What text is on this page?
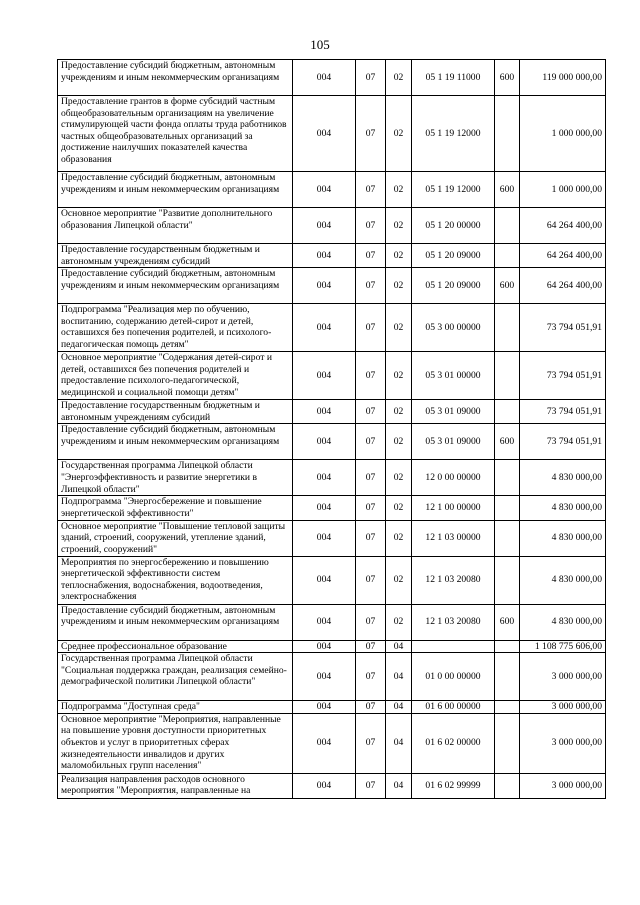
105
Предоставление субсидий бюджетным, автономным учреждениям и иным некоммерческим организациям	004	07	02	05 1 19 11000	600	119 000 000,00
Предоставление грантов в форме субсидий частным общеобразовательным организациям на увеличение стимулирующей части фонда оплаты труда работников частных общеобразовательных организаций за достижение наилучших показателей качества образования	004	07	02	05 1 19 12000		1 000 000,00
Предоставление субсидий бюджетным, автономным учреждениям и иным некоммерческим организациям	004	07	02	05 1 19 12000	600	1 000 000,00
Основное мероприятие "Развитие дополнительного образования Липецкой области"	004	07	02	05 1 20 00000		64 264 400,00
Предоставление государственным бюджетным и автономным учреждениям субсидий	004	07	02	05 1 20 09000		64 264 400,00
Предоставление субсидий бюджетным, автономным учреждениям и иным некоммерческим организациям	004	07	02	05 1 20 09000	600	64 264 400,00
Подпрограмма "Реализация мер по обучению, воспитанию, содержанию детей-сирот и детей, оставшихся без попечения родителей, и психолого-педагогическая помощь детям"	004	07	02	05 3 00 00000		73 794 051,91
Основное мероприятие "Содержания детей-сирот и детей, оставшихся без попечения родителей и предоставление психолого-педагогической, медицинской и социальной помощи детям"	004	07	02	05 3 01 00000		73 794 051,91
Предоставление государственным бюджетным и автономным учреждениям субсидий	004	07	02	05 3 01 09000		73 794 051,91
Предоставление субсидий бюджетным, автономным учреждениям и иным некоммерческим организациям	004	07	02	05 3 01 09000	600	73 794 051,91
Государственная программа Липецкой области "Энергоэффективность и развитие энергетики в Липецкой области"	004	07	02	12 0 00 00000		4 830 000,00
Подпрограмма "Энергосбережение и повышение энергетической эффективности"	004	07	02	12 1 00 00000		4 830 000,00
Основное мероприятие "Повышение тепловой защиты зданий, строений, сооружений, утепление зданий, строений, сооружений"	004	07	02	12 1 03 00000		4 830 000,00
Мероприятия по энергосбережению и повышению энергетической эффективности систем теплоснабжения, водоснабжения, водоотведения, электроснабжения	004	07	02	12 1 03 20080		4 830 000,00
Предоставление субсидий бюджетным, автономным учреждениям и иным некоммерческим организациям	004	07	02	12 1 03 20080	600	4 830 000,00
Среднее профессиональное образование	004	07	04			1 108 775 606,00
Государственная программа Липецкой области "Социальная поддержка граждан, реализация семейно-демографической политики Липецкой области"	004	07	04	01 0 00 00000		3 000 000,00
Подпрограмма "Доступная среда"	004	07	04	01 6 00 00000		3 000 000,00
Основное мероприятие "Мероприятия, направленные на повышение уровня доступности приоритетных объектов и услуг в приоритетных сферах жизнедеятельности инвалидов и других маломобильных групп населения"	004	07	04	01 6 02 00000		3 000 000,00
Реализация направления расходов основного мероприятия "Мероприятия, направленные на	004	07	04	01 6 02 99999		3 000 000,00
